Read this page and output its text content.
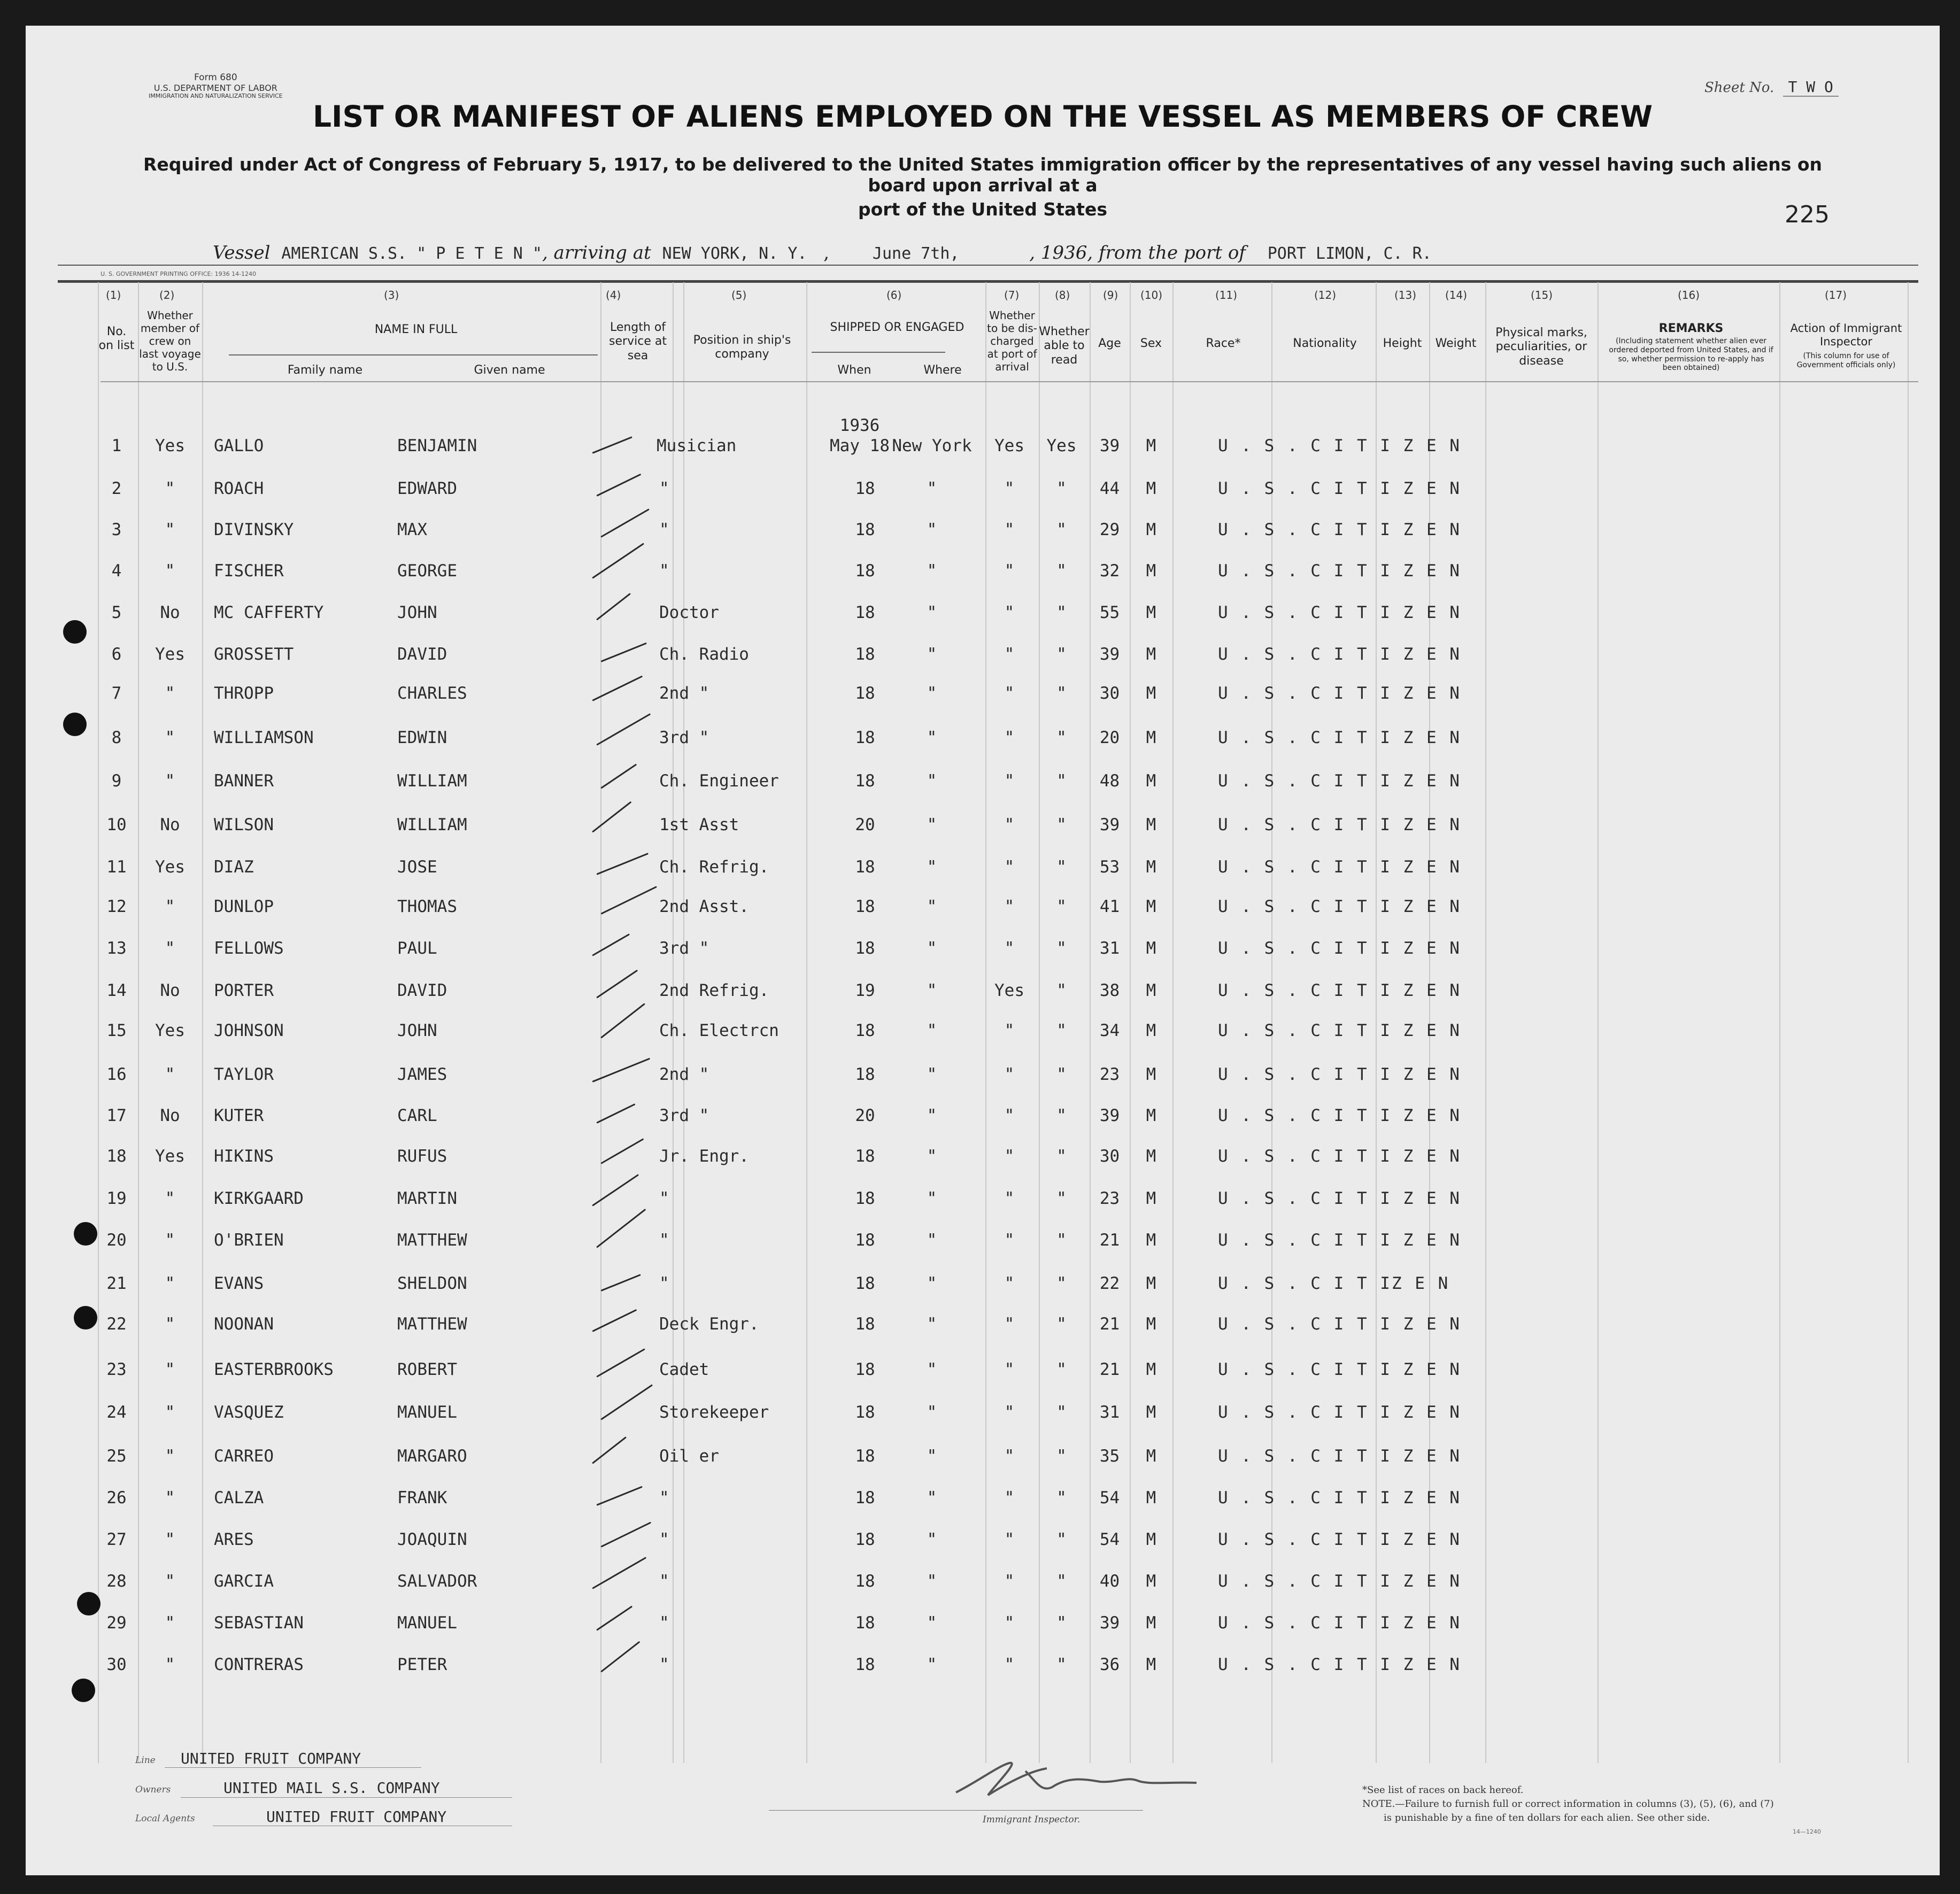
Form 680
U.S. DEPARTMENT OF LABOR
IMMIGRATION AND NATURALIZATION SERVICE
Sheet No. T W O
LIST OR MANIFEST OF ALIENS EMPLOYED ON THE VESSEL AS MEMBERS OF CREW
Required under Act of Congress of February 5, 1917, to be delivered to the United States immigration officer by the representatives of any vessel having such aliens on board upon arrival at a
port of the United States	225
Vessel AMERICAN S.S. " P E T E N ", arriving at NEW YORK, N. Y. ,	June 7th,	, 1936, from the port of PORT LIMON, C. R.
U. S. GOVERNMENT PRINTING OFFICE: 1936 14-1240
(1)
No. on list
(2)
Whether member of crew on last voyage to U.S.
(3)
NAME IN FULL
Family name	Given name
(4)
Length of service at sea
(5)
Position in ship's company
(6)
SHIPPED OR ENGAGED
When	Where
(7)
Whether to be dis-charged at port of arrival
(8)
Whether able to read
(9)
Age
(10)
Sex
(11)
Race*
(12)
Nationality
(13)
Height
(14)
Weight
(15)
Physical marks, peculiarities, or disease
(16)
REMARKS
(Including statement whether alien ever ordered deported from United States, and if so, whether permission to re-apply has been obtained)
(17)
Action of Immigrant Inspector
(This column for use of Government officials only)
1936
1	Yes	GALLO	BENJAMIN	Musician	May 18 New York	Yes	Yes	39	M	U . S . C I T I Z E N
2	"	ROACH	EDWARD	"	18	"	"	"	44	M	U . S . C I T I Z E N
3	"	DIVINSKY	MAX	"	18	"	"	"	29	M	U . S . C I T I Z E N
4	"	FISCHER	GEORGE	"	18	"	"	"	32	M	U . S . C I T I Z E N
5	No	MC CAFFERTY	JOHN	Doctor	18	"	"	"	55	M	U . S . C I T I Z E N
6	Yes	GROSSETT	DAVID	Ch. Radio	18	"	"	"	39	M	U . S . C I T I Z E N
7	"	THROPP	CHARLES	2nd "	18	"	"	"	30	M	U . S . C I T I Z E N
8	"	WILLIAMSON	EDWIN	3rd "	18	"	"	"	20	M	U . S . C I T I Z E N
9	"	BANNER	WILLIAM	Ch. Engineer	18	"	"	"	48	M	U . S . C I T I Z E N
10	No	WILSON	WILLIAM	1st Asst	20	"	"	"	39	M	U . S . C I T I Z E N
11	Yes	DIAZ	JOSE	Ch. Refrig.	18	"	"	"	53	M	U . S . C I T I Z E N
12	"	DUNLOP	THOMAS	2nd Asst.	18	"	"	"	41	M	U . S . C I T I Z E N
13	"	FELLOWS	PAUL	3rd "	18	"	"	"	31	M	U . S . C I T I Z E N
14	No	PORTER	DAVID	2nd Refrig.	19	"	Yes	"	38	M	U . S . C I T I Z E N
15	Yes	JOHNSON	JOHN	Ch. Electrcn	18	"	"	"	34	M	U . S . C I T I Z E N
16	"	TAYLOR	JAMES	2nd "	18	"	"	"	23	M	U . S . C I T I Z E N
17	No	KUTER	CARL	3rd "	20	"	"	"	39	M	U . S . C I T I Z E N
18	Yes	HIKINS	RUFUS	Jr. Engr.	18	"	"	"	30	M	U . S . C I T I Z E N
19	"	KIRKGAARD	MARTIN	"	18	"	"	"	23	M	U . S . C I T I Z E N
20	"	O'BRIEN	MATTHEW	"	18	"	"	"	21	M	U . S . C I T I Z E N
21	"	EVANS	SHELDON	"	18	"	"	"	22	M	U . S . C I T IZ E N
22	"	NOONAN	MATTHEW	Deck Engr.	18	"	"	"	21	M	U . S . C I T I Z E N
23	"	EASTERBROOKS	ROBERT	Cadet	18	"	"	"	21	M	U . S . C I T I Z E N
24	"	VASQUEZ	MANUEL	Storekeeper	18	"	"	"	31	M	U . S . C I T I Z E N
25	"	CARREO	MARGARO	Oil er	18	"	"	"	35	M	U . S . C I T I Z E N
26	"	CALZA	FRANK	"	18	"	"	"	54	M	U . S . C I T I Z E N
27	"	ARES	JOAQUIN	"	18	"	"	"	54	M	U . S . C I T I Z E N
28	"	GARCIA	SALVADOR	"	18	"	"	"	40	M	U . S . C I T I Z E N
29	"	SEBASTIAN	MANUEL	"	18	"	"	"	39	M	U . S . C I T I Z E N
30	"	CONTRERAS	PETER	"	18	"	"	"	36	M	U . S . C I T I Z E N
Line UNITED FRUIT COMPANY
Owners	UNITED MAIL S.S. COMPANY
Local Agents	UNITED FRUIT COMPANY	Immigrant Inspector.
*See list of races on back hereof.
NOTE.—Failure to furnish full or correct information in columns (3), (5), (6), and (7)
is punishable by a fine of ten dollars for each alien. See other side.
14—1240
